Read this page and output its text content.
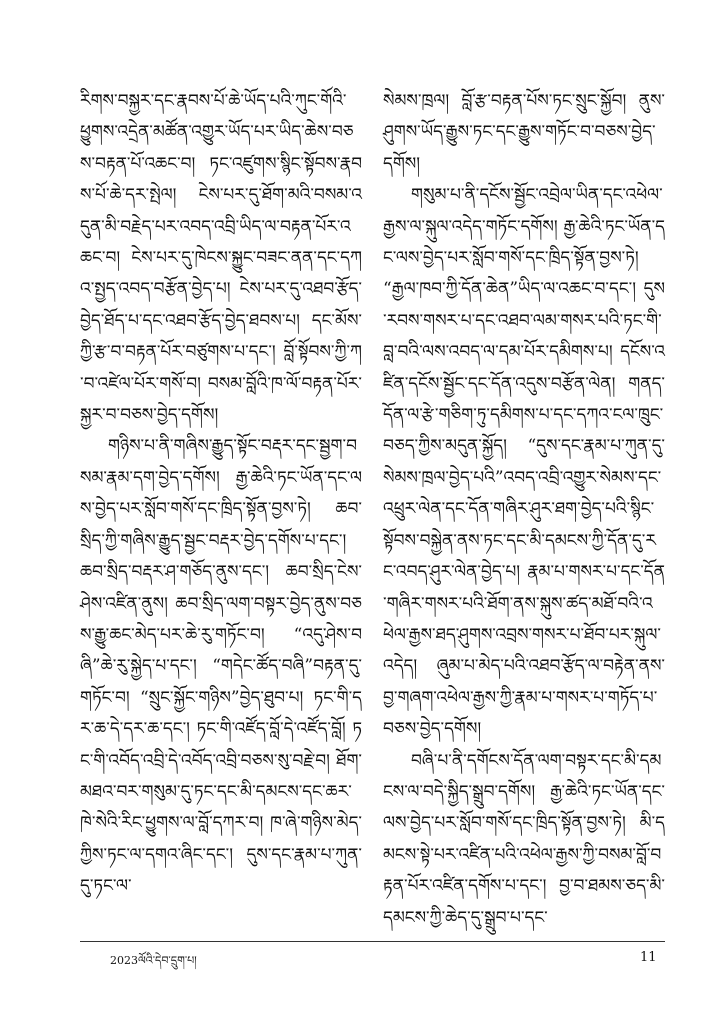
རིགས་བསྐྱར་དང་རྣབས་པོ་ཆེ་ཡོད་པའི་ཀུང་གོའི་ཕྱུགས་འདྲེན་མཚོན་འགྱུར་ཡོད་པར་ཡིད་ཆེས་བཅས་བརྟན་པོ་འཆང་བ། ཏང་འཛུགས་སྙིང་སྟོབས་རྣབས་པོ་ཆེ་དར་སྤེལ། ངེས་པར་དུ་ཐོག་མའི་བསམ་འདུན་མི་བརྗེད་པར་འབད་འབྲི་ཡིད་ལ་བརྟན་པོར་འཆང་བ། ངེས་པར་དུ་ཁེངས་སྐྱུང་བཟང་ནན་དང་དཀའ་སྤྱད་འབད་བརྩོན་བྱེད་པ། ངེས་པར་དུ་འཐབ་རྩོད་བྱེད་ཐོད་པ་དང་འཐབ་རྩོད་བྱེད་ཐབས་པ། དང་མོས་ཀྱི་རྩ་བ་བརྟན་པོར་བཙུགས་པ་དང་། བློ་སྟོབས་ཀྱི་ཀ་བ་འཛེལ་པོར་གསོ་བ། བསམ་བློའི་ཁ་ལོ་བརྟན་པོར་སྐྱར་བ་བཅས་བྱེད་དགོས།

གཉིས་པ་ནི་གཞིས་རྒྱུད་སྟོང་བརྡར་དང་སྦྱག་བསམ་རྣམ་དག་བྱེད་དགོས། རྒྱ་ཆེའི་ཏང་ཡོན་དང་ལས་བྱེད་པར་སློབ་གསོ་དང་ཁྲིད་སྟོན་བྱས་ཏེ། ཆབ་སྲིད་ཀྱི་གཞིས་རྒྱུད་སྦྱང་བརྡར་བྱེད་དགོས་པ་དང་། ཆབ་སྲིད་བརྡར་ཤ་གཅོད་ནུས་དང་། ཆབ་སྲིད་ངེས་ཤེས་འཛིན་ནུས། ཆབ་སྲིད་ལག་བསྟར་བྱེད་ནུས་བཅས་རྒྱུ་ཆང་མེད་པར་ཆེ་རུ་གཏོང་བ། “འདུ་ཤེས་བཞི”ཆེ་རུ་སྐྱེད་པ་དང་། “གདེང་ཚོད་བཞི”བརྟན་དུ་གཏོང་བ། “སྲུང་སྐྱོང་གཉིས”བྱེད་ཐུབ་པ། ཏང་གི་དར་ཆ་དེ་དར་ཆ་དང་། ཏང་གི་འཛོད་བློ་དེ་འཛོད་བློ། ཏང་གི་འབོད་འབྲི་དེ་འབོད་འབྲི་བཅས་སུ་བརྗེ་བ། ཐོག་མཐའ་བར་གསུམ་དུ་ཏང་དང་མི་དམངས་དང་ཆར་ཁེ་སེའི་རིང་ཕྱུགས་ལ་བློ་དཀར་བ། ཁ་ཞེ་གཉིས་མེད་ཀྱིས་ཏང་ལ་དགའ་ཞིང་དང་། དུས་དང་རྣམ་པ་ཀུན་དུ་ཏང་ལ་

སེམས་ཁྲལ། བློ་རྩ་བརྟན་པོས་ཏང་སྲུང་སྐྱོབ། ནུས་ཤུགས་ཡོད་རྒྱུས་ཏང་དང་རྒྱུས་གཏོང་བ་བཅས་བྱེད་དགོས།

གསུམ་པ་ནི་དངོས་སྦྱོང་འབྲེལ་ཡིན་དང་འཕེལ་རྒྱས་ལ་སྐུལ་འདེད་གཏོང་དགོས། རྒྱ་ཆེའི་ཏང་ཡོན་དང་ལས་བྱེད་པར་སློབ་གསོ་དང་ཁྲིད་སྟོན་བྱས་ཏེ། “རྒྱལ་ཁབ་ཀྱི་དོན་ཆེན”ཡིད་ལ་འཆང་བ་དང་། དུས་རབས་གསར་པ་དང་འཐབ་ལམ་གསར་པའི་ཏང་གི་བླ་བའི་ལས་འབད་ལ་དམ་པོར་དམིགས་པ། དངོས་འཛིན་དངོས་སྦྱོང་དང་དོན་འདུས་བརྩོན་ལེན། གནད་དོན་ལ་རྩེ་གཅིག་ཏུ་དམིགས་པ་དང་དཀའ་ངལ་ཁྲུང་བཅད་ཀྱིས་མདུན་སྐྱོད། “དུས་དང་རྣམ་པ་ཀུན་དུ་སེམས་ཁྲལ་བྱེད་པའི”འབད་འབྲི་འགྱུར་སེམས་དང་འཕྲུར་ལེན་དང་དོན་གཞིར་ཤུར་ཐག་བྱེད་པའི་སྙིང་སྟོབས་བསྐྱེན་ནས་ཏང་དང་མི་དམངས་ཀྱི་དོན་དུ་རང་འབད་ཤུར་ལེན་བྱེད་པ། རྣམ་པ་གསར་པ་དང་དོན་གཞིར་གསར་པའི་ཐོག་ནས་སྐུས་ཚད་མཐོ་བའི་འཕེལ་རྒྱས་ཐད་ཤུགས་འབྲས་གསར་པ་ཐོབ་པར་སྐུལ་འདེད། ཞུམ་པ་མེད་པའི་འཐབ་རྩོད་ལ་བརྟེན་ནས་བྱ་གཞག་འཕེལ་རྒྱས་ཀྱི་རྣམ་པ་གསར་པ་གཏོད་པ་བཅས་བྱེད་དགོས།

བཞི་པ་ནི་དགོངས་དོན་ལག་བསྟར་དང་མི་དམངས་ལ་བདེ་སྐྱིད་སྒྲུབ་དགོས། རྒྱ་ཆེའི་ཏང་ཡོན་དང་ལས་བྱེད་པར་སློབ་གསོ་དང་ཁྲིད་སྟོན་བྱས་ཏེ། མི་དམངས་སྟེ་པར་འཛིན་པའི་འཕེལ་རྒྱས་ཀྱི་བསམ་བློ་བརྟན་པོར་འཛིན་དགོས་པ་དང་། བྱ་བ་ཐམས་ཅད་མི་དམངས་ཀྱི་ཆེད་དུ་སྒྲུབ་པ་དང་

2023ལོའི་དེབ་དྲུག་པ།	11
